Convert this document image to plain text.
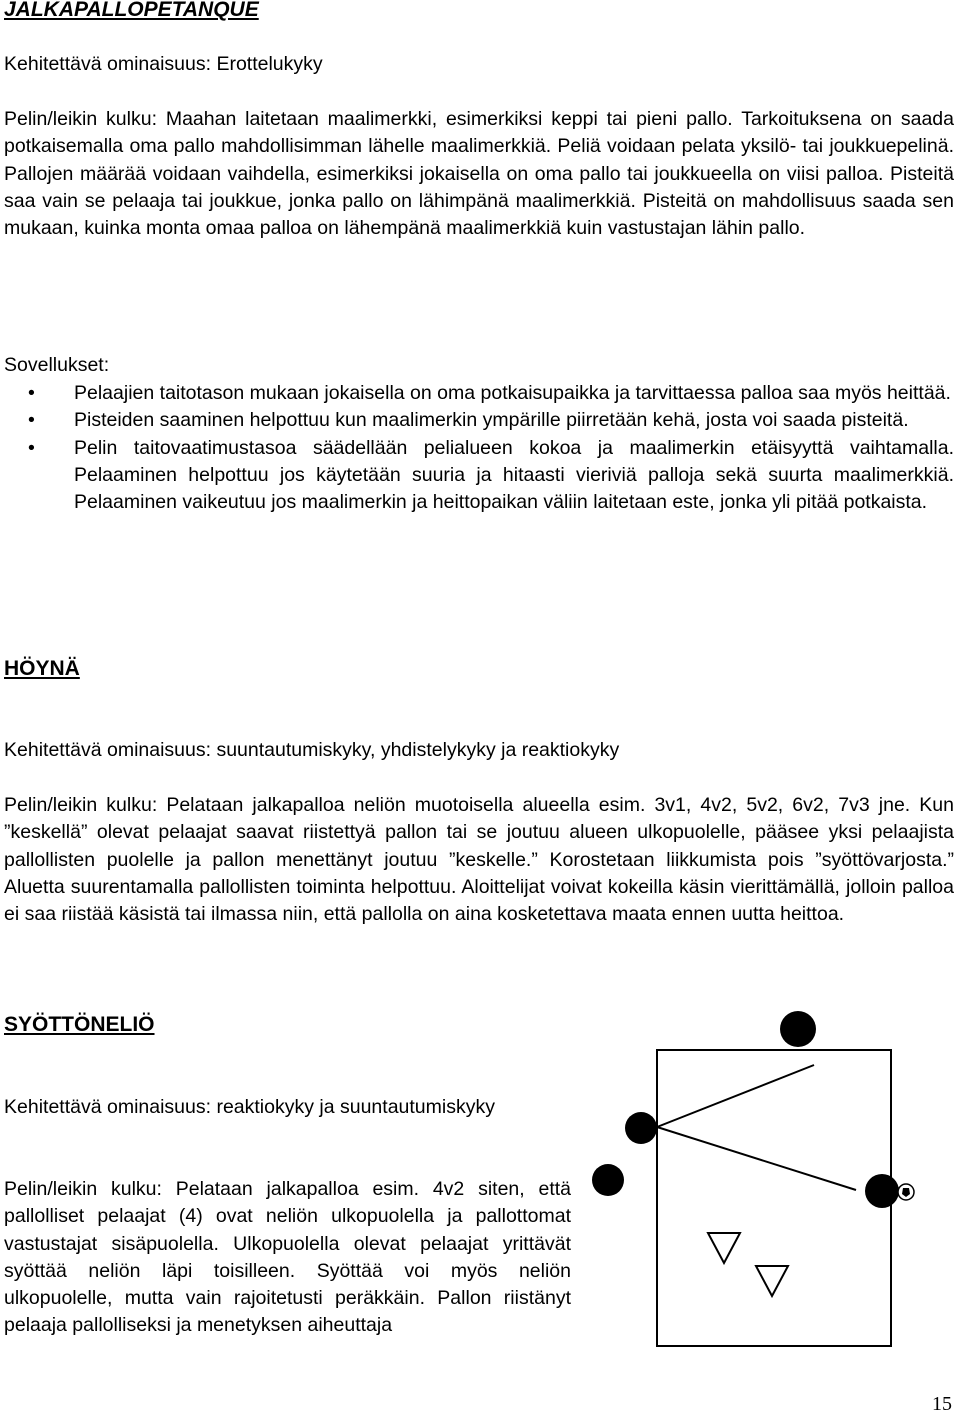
JALKAPALLOPETANQUE

Kehitettävä ominaisuus: Erottelukyky

Pelin/leikin kulku: Maahan laitetaan maalimerkki, esimerkiksi keppi tai pieni pallo. Tarkoituksena on saada potkaisemalla oma pallo mahdollisimman lähelle maalimerkkiä. Peliä voidaan pelata yksilö- tai joukkuepelinä. Pallojen määrää voidaan vaihdella, esimerkiksi jokaisella on oma pallo tai joukkueella on viisi palloa. Pisteitä saa vain se pelaaja tai joukkue, jonka pallo on lähimpänä maalimerkkiä. Pisteitä on mahdollisuus saada sen mukaan, kuinka monta omaa palloa on lähempänä maalimerkkiä kuin vastustajan lähin pallo.

Sovellukset:

• Pelaajien taitotason mukaan jokaisella on oma potkaisupaikka ja tarvittaessa palloa saa myös heittää.
• Pisteiden saaminen helpottuu kun maalimerkin ympärille piirretään kehä, josta voi saada pisteitä.
• Pelin taitovaatimustasoa säädellään pelialueen kokoa ja maalimerkin etäisyyttä vaihtamalla. Pelaaminen helpottuu jos käytetään suuria ja hitaasti vieriviä palloja sekä suurta maalimerkkiä. Pelaaminen vaikeutuu jos maalimerkin ja heittopaikan väliin laitetaan este, jonka yli pitää potkaista.
HÖYNÄ

Kehitettävä ominaisuus: suuntautumiskyky, yhdistelykyky ja reaktiokyky

Pelin/leikin kulku: Pelataan jalkapalloa neliön muotoisella alueella esim. 3v1, 4v2, 5v2, 6v2, 7v3 jne. Kun ”keskellä” olevat pelaajat saavat riistettyä pallon tai se joutuu alueen ulkopuolelle, pääsee yksi pelaajista pallollisten puolelle ja pallon menettänyt joutuu ”keskelle.” Korostetaan liikkumista pois ”syöttövarjosta.” Aluetta suurentamalla pallollisten toiminta helpottuu. Aloittelijat voivat kokeilla käsin vierittämällä, jolloin palloa ei saa riistää käsistä tai ilmassa niin, että pallolla on aina kosketettava maata ennen uutta heittoa.

SYÖTTÖNELIÖ

Kehitettävä ominaisuus: reaktiokyky ja suuntautumiskyky

Pelin/leikin kulku: Pelataan jalkapalloa esim. 4v2 siten, että pallolliset pelaajat (4) ovat neliön ulkopuolella ja pallottomat vastustajat sisäpuolella. Ulkopuolella olevat pelaajat yrittävät syöttää neliön läpi toisilleen. Syöttää voi myös neliön ulkopuolelle, mutta vain rajoitetusti peräkkäin. Pallon riistänyt pelaaja pallolliseksi ja menetyksen aiheuttaja

15
